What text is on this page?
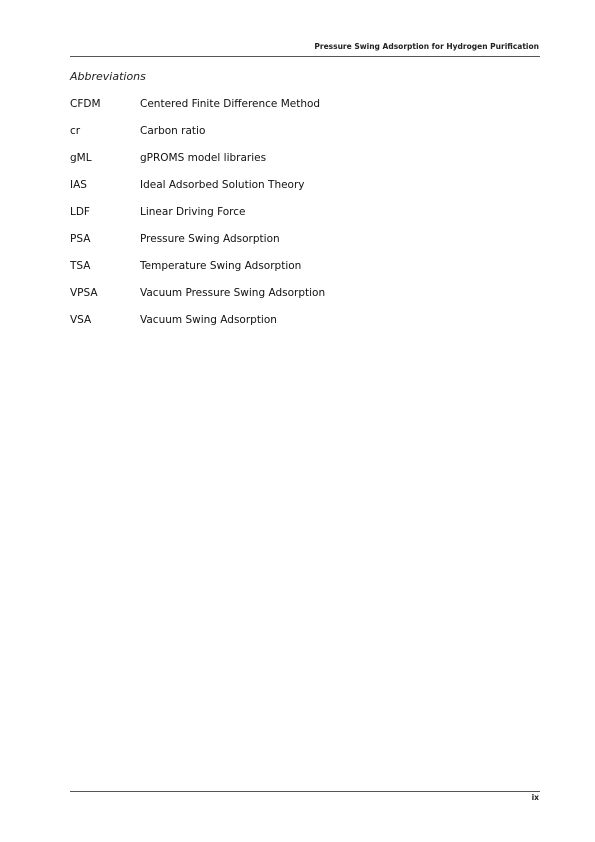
Pressure Swing Adsorption for Hydrogen Purification
Abbreviations
CFDM	Centered Finite Difference Method
cr	Carbon ratio
gML	gPROMS model libraries
IAS	Ideal Adsorbed Solution Theory
LDF	Linear Driving Force
PSA	Pressure Swing Adsorption
TSA	Temperature Swing Adsorption
VPSA	Vacuum Pressure Swing Adsorption
VSA	Vacuum Swing Adsorption
ix
